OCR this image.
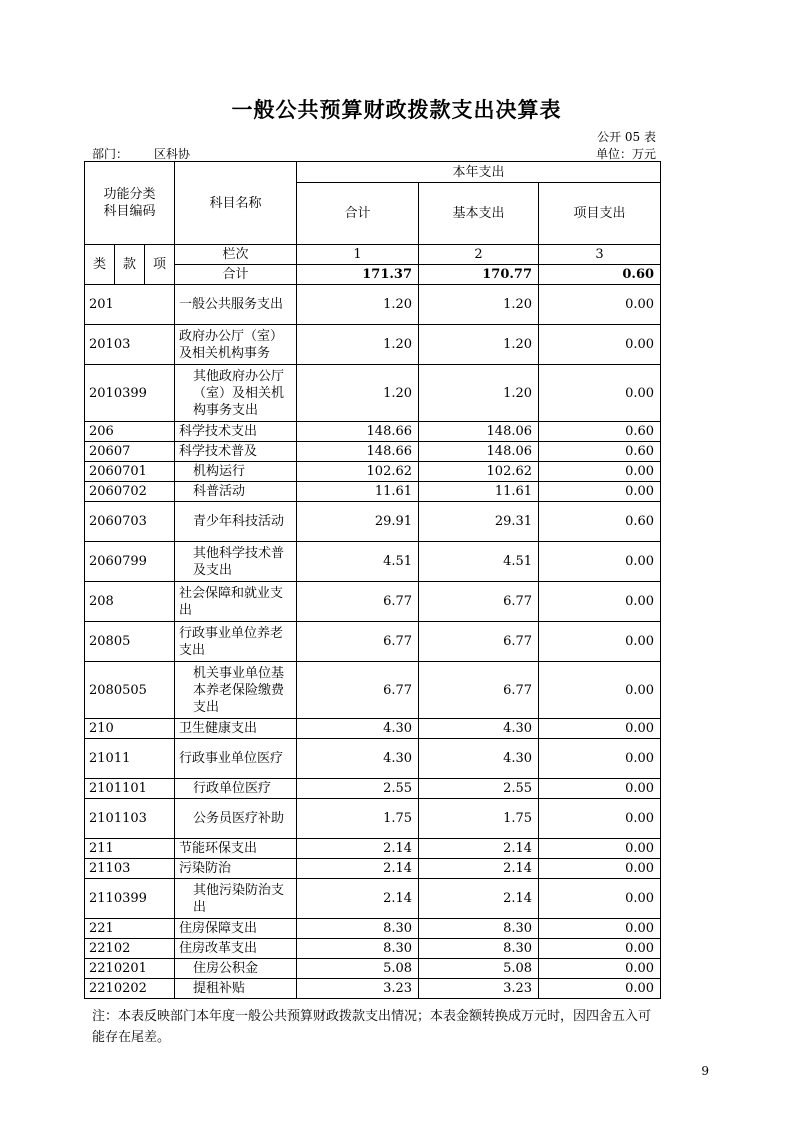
一般公共预算财政拨款支出决算表
公开 05 表
部门： 区科协	单位：万元
功能分类
科目编码			科目名称	本年支出		
				合计	基本支出	项目支出
类	款	项	栏次	1	2	3
			合计	171.37	170.77	0.60
201			一般公共服务支出	1.20	1.20	0.00
20103			政府办公厅（室）及相关机构事务	1.20	1.20	0.00
2010399			其他政府办公厅（室）及相关机构事务支出	1.20	1.20	0.00
206			科学技术支出	148.66	148.06	0.60
20607			科学技术普及	148.66	148.06	0.60
2060701			机构运行	102.62	102.62	0.00
2060702			科普活动	11.61	11.61	0.00
2060703			青少年科技活动	29.91	29.31	0.60
2060799			其他科学技术普及支出	4.51	4.51	0.00
208			社会保障和就业支出	6.77	6.77	0.00
20805			行政事业单位养老支出	6.77	6.77	0.00
2080505			机关事业单位基本养老保险缴费支出	6.77	6.77	0.00
210			卫生健康支出	4.30	4.30	0.00
21011			行政事业单位医疗	4.30	4.30	0.00
2101101			行政单位医疗	2.55	2.55	0.00
2101103			公务员医疗补助	1.75	1.75	0.00
211			节能环保支出	2.14	2.14	0.00
21103			污染防治	2.14	2.14	0.00
2110399			其他污染防治支出	2.14	2.14	0.00
221			住房保障支出	8.30	8.30	0.00
22102			住房改革支出	8.30	8.30	0.00
2210201			住房公积金	5.08	5.08	0.00
2210202			提租补贴	3.23	3.23	0.00
注：本表反映部门本年度一般公共预算财政拨款支出情况；本表金额转换成万元时，因四舍五入可能存在尾差。
9
